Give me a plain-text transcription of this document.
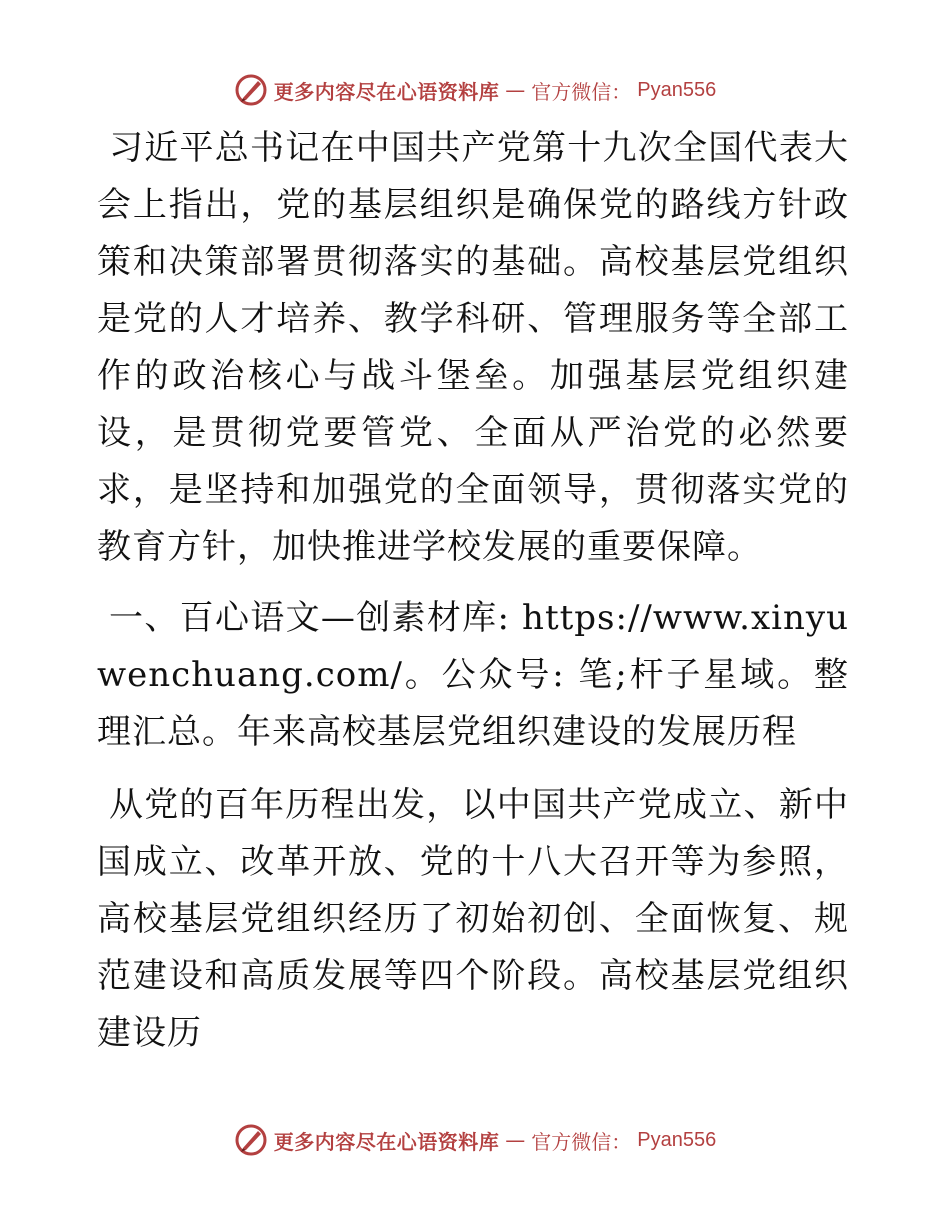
更多内容尽在心语资料库 — 官方微信： Pyan556

习近平总书记在中国共产党第十九次全国代表大会上指出，党的基层组织是确保党的路线方针政策和决策部署贯彻落实的基础。高校基层党组织是党的人才培养、教学科研、管理服务等全部工作的政治核心与战斗堡垒。加强基层党组织建设，是贯彻党要管党、全面从严治党的必然要求，是坚持和加强党的全面领导，贯彻落实党的教育方针，加快推进学校发展的重要保障。

一、百心语文—创素材库: https://www.xinyuwenchuang.com/。公众号: 笔;杆子星域。整理汇总。年来高校基层党组织建设的发展历程

从党的百年历程出发，以中国共产党成立、新中国成立、改革开放、党的十八大召开等为参照，高校基层党组织经历了初始初创、全面恢复、规范建设和高质发展等四个阶段。高校基层党组织建设历

更多内容尽在心语资料库 — 官方微信： Pyan556
